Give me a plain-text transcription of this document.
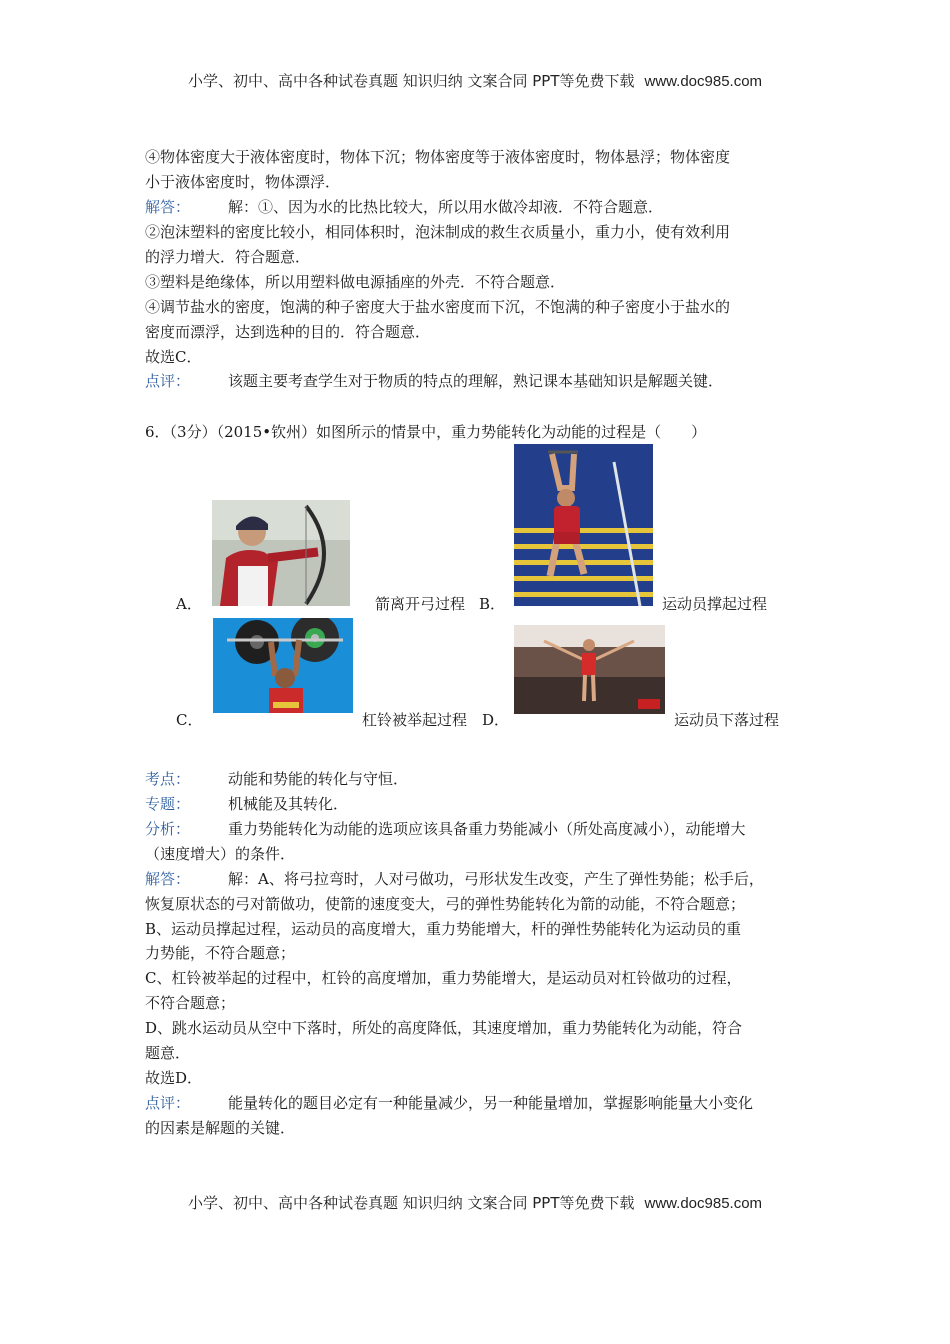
小学、初中、高中各种试卷真题 知识归纳 文案合同 PPT等免费下载 www.doc985.com
④物体密度大于液体密度时，物体下沉；物体密度等于液体密度时，物体悬浮；物体密度
小于液体密度时，物体漂浮．
解答：	解：①、因为水的比热比较大，所以用水做冷却液．不符合题意．
②泡沫塑料的密度比较小，相同体积时，泡沫制成的救生衣质量小，重力小，使有效利用
的浮力增大．符合题意．
③塑料是绝缘体，所以用塑料做电源插座的外壳．不符合题意．
④调节盐水的密度，饱满的种子密度大于盐水密度而下沉，不饱满的种子密度小于盐水的
密度而漂浮，达到选种的目的．符合题意．
故选C．
点评：	该题主要考查学生对于物质的特点的理解，熟记课本基础知识是解题关键．
6．（3分）（2015•钦州）如图所示的情景中，重力势能转化为动能的过程是（　　）
A．	箭离开弓过程 B．	运动员撑起过程
C．	杠铃被举起过程 D．	运动员下落过程
考点：	动能和势能的转化与守恒．
专题：	机械能及其转化．
分析：	重力势能转化为动能的选项应该具备重力势能减小（所处高度减小），动能增大
（速度增大）的条件．
解答：	解：A、将弓拉弯时，人对弓做功，弓形状发生改变，产生了弹性势能；松手后，
恢复原状态的弓对箭做功，使箭的速度变大，弓的弹性势能转化为箭的动能，不符合题意；
B、运动员撑起过程，运动员的高度增大，重力势能增大，杆的弹性势能转化为运动员的重
力势能，不符合题意；
C、杠铃被举起的过程中，杠铃的高度增加，重力势能增大，是运动员对杠铃做功的过程，
不符合题意；
D、跳水运动员从空中下落时，所处的高度降低，其速度增加，重力势能转化为动能，符合
题意．
故选D．
点评：	能量转化的题目必定有一种能量减少，另一种能量增加，掌握影响能量大小变化
的因素是解题的关键．
小学、初中、高中各种试卷真题 知识归纳 文案合同 PPT等免费下载 www.doc985.com
